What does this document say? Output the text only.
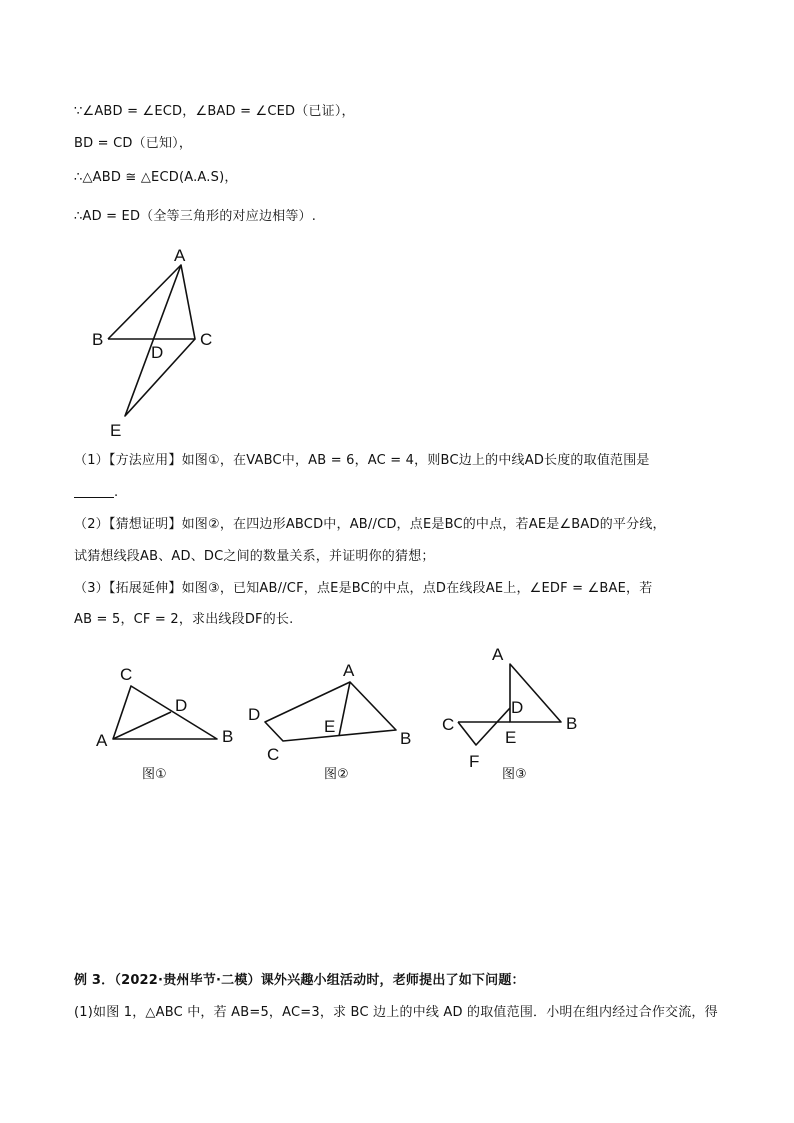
∵∠ABD = ∠ECD，∠BAD = ∠CED（已证），
BD = CD（已知），
∴△ABD ≅ △ECD(A.A.S)，
∴AD = ED（全等三角形的对应边相等）.
A
B	C
D
E
（1）【方法应用】如图①，在VABC中，AB = 6，AC = 4，则BC边上的中线AD长度的取值范围是
.
（2）【猜想证明】如图②，在四边形ABCD中，AB//CD，点E是BC的中点，若AE是∠BAD的平分线，
试猜想线段AB、AD、DC之间的数量关系，并证明你的猜想；
（3）【拓展延伸】如图③，已知AB//CF，点E是BC的中点，点D在线段AE上，∠EDF = ∠BAE，若
AB = 5，CF = 2，求出线段DF的长.
C
D
A	B
图①
A
D
E
B
C
图②
A
C
D
E
B
F
图③
例 3．（2022·贵州毕节·二模）课外兴趣小组活动时，老师提出了如下问题：
(1)如图 1，△ABC 中，若 AB=5，AC=3，求 BC 边上的中线 AD 的取值范围．小明在组内经过合作交流，得
